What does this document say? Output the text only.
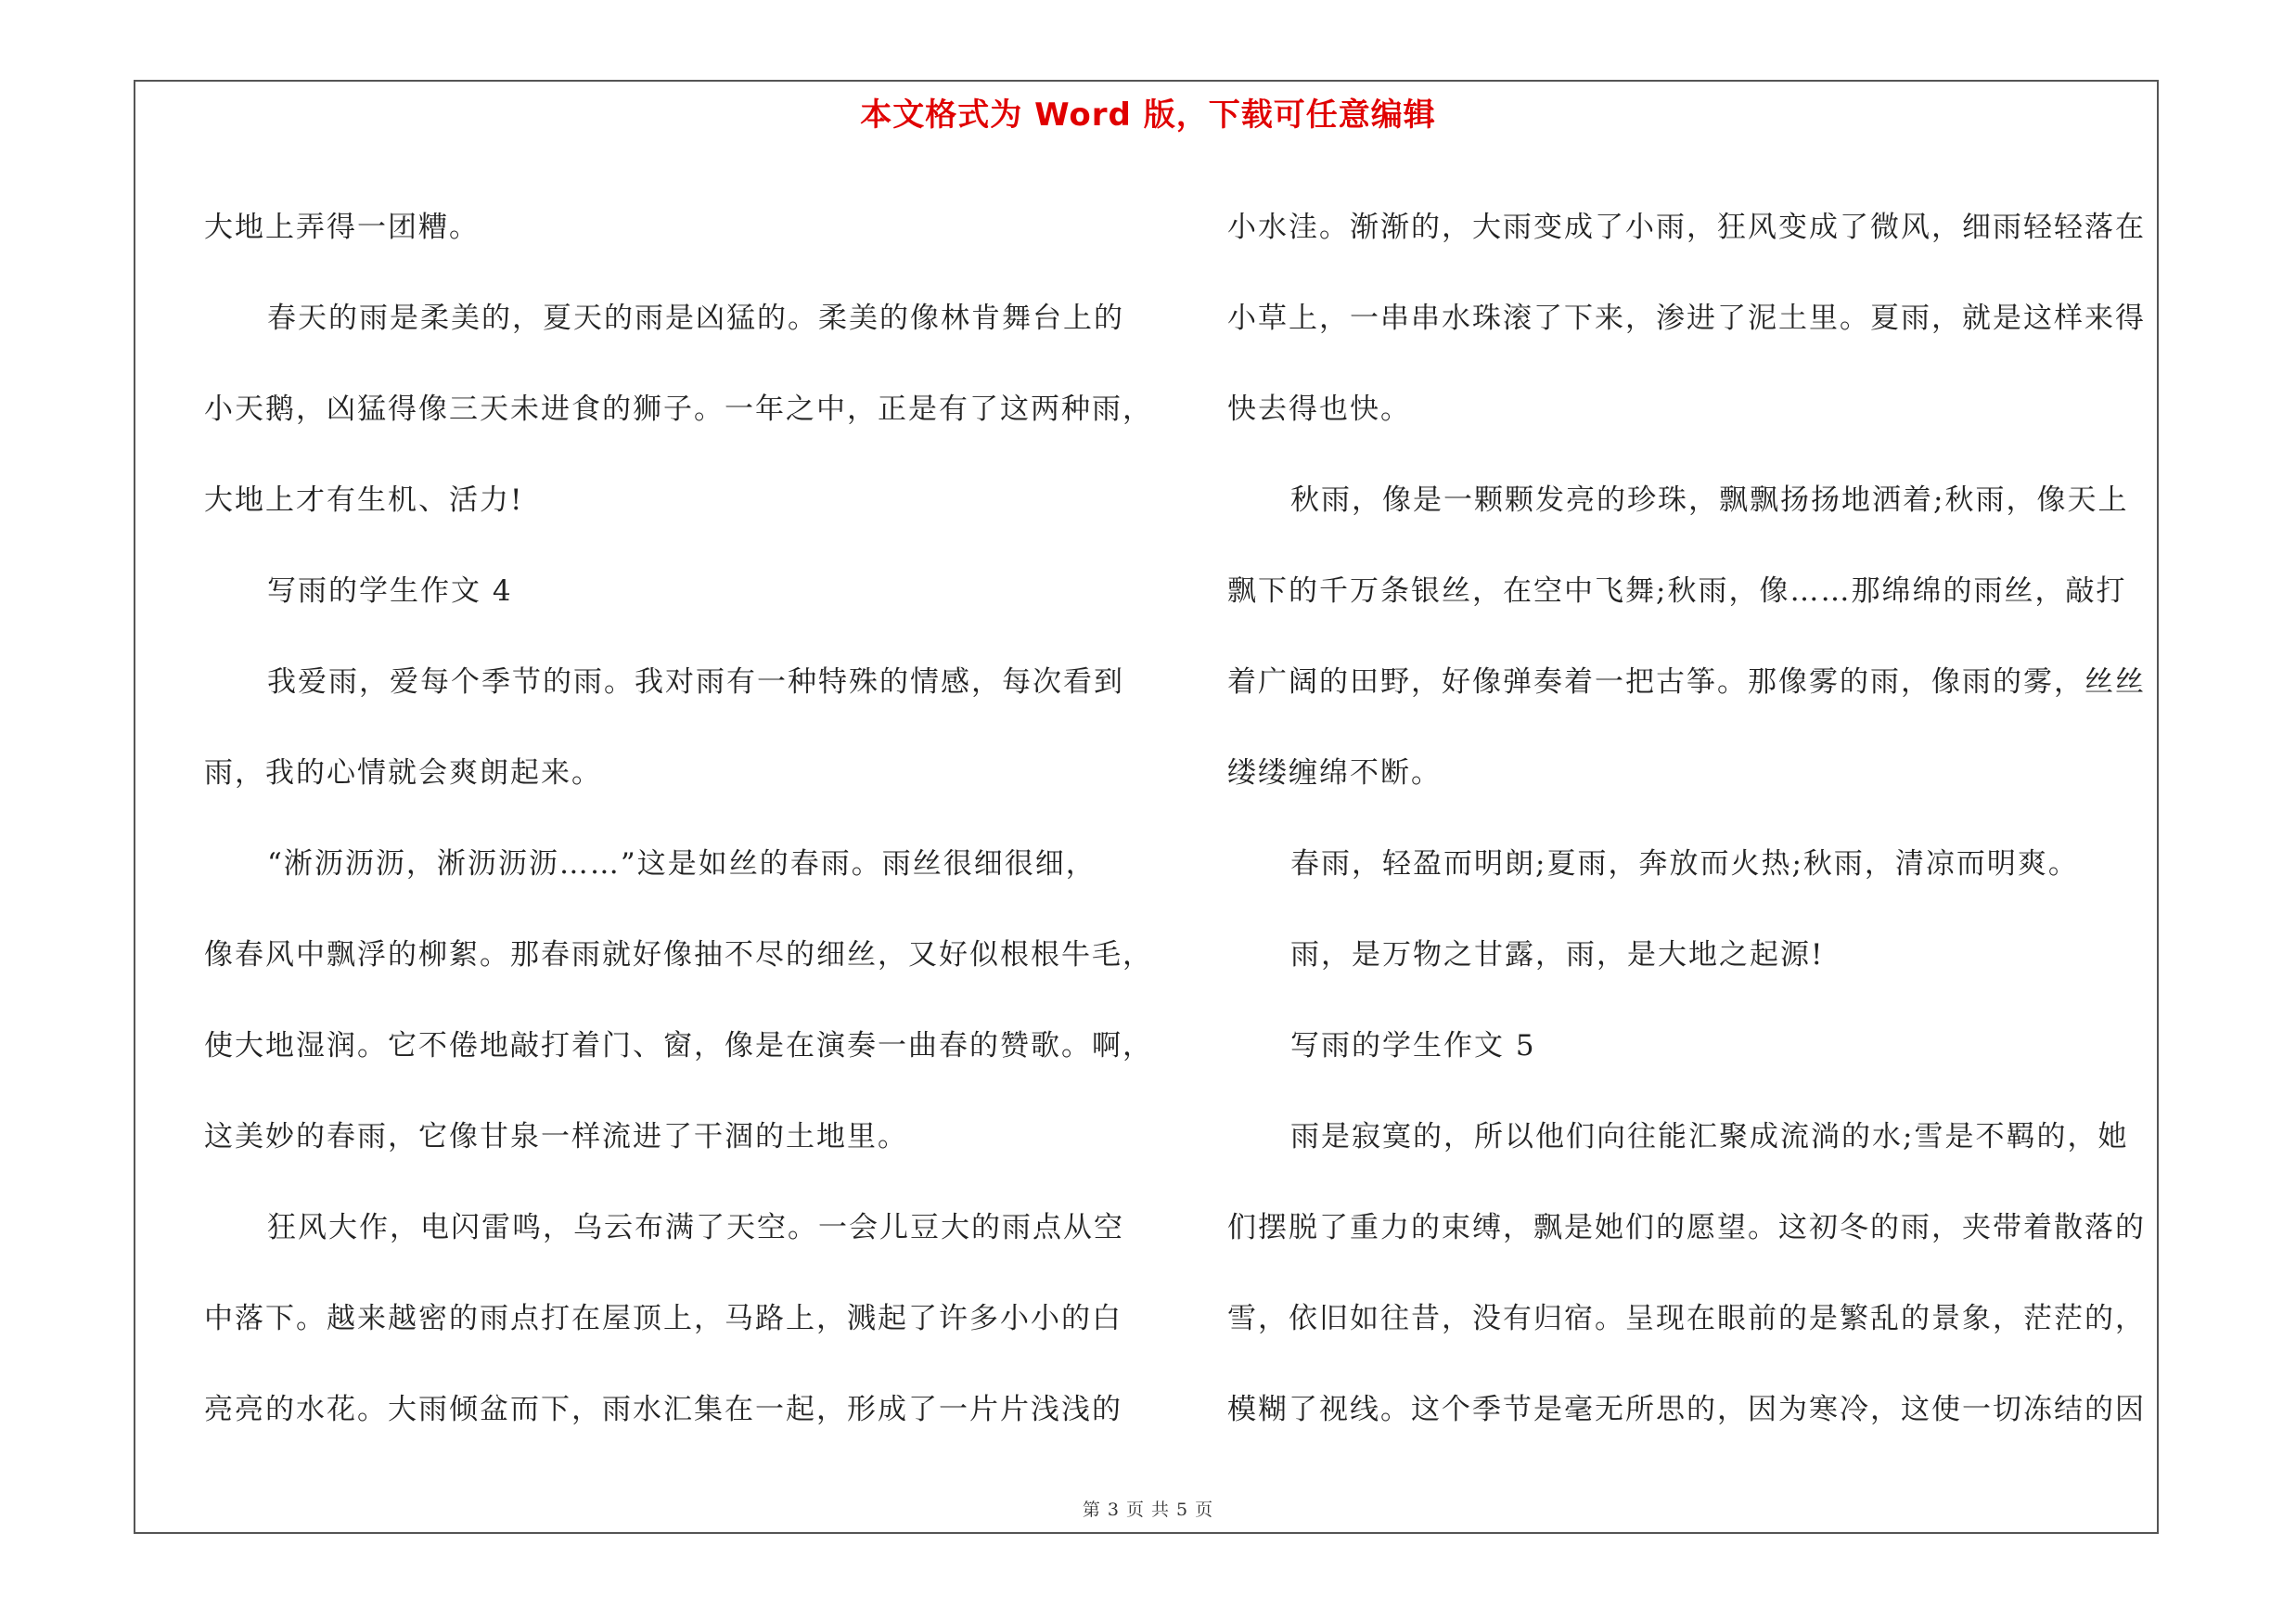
本文格式为 Word 版，下载可任意编辑
大地上弄得一团糟。
春天的雨是柔美的，夏天的雨是凶猛的。柔美的像林肯舞台上的
小天鹅，凶猛得像三天未进食的狮子。一年之中，正是有了这两种雨，
大地上才有生机、活力!
写雨的学生作文 4
我爱雨，爱每个季节的雨。我对雨有一种特殊的情感，每次看到
雨，我的心情就会爽朗起来。
“淅沥沥沥，淅沥沥沥……”这是如丝的春雨。雨丝很细很细，
像春风中飘浮的柳絮。那春雨就好像抽不尽的细丝，又好似根根牛毛，
使大地湿润。它不倦地敲打着门、窗，像是在演奏一曲春的赞歌。啊，
这美妙的春雨，它像甘泉一样流进了干涸的土地里。
狂风大作，电闪雷鸣，乌云布满了天空。一会儿豆大的雨点从空
中落下。越来越密的雨点打在屋顶上，马路上，溅起了许多小小的白
亮亮的水花。大雨倾盆而下，雨水汇集在一起，形成了一片片浅浅的
小水洼。渐渐的，大雨变成了小雨，狂风变成了微风，细雨轻轻落在
小草上，一串串水珠滚了下来，渗进了泥土里。夏雨，就是这样来得
快去得也快。
秋雨，像是一颗颗发亮的珍珠，飘飘扬扬地洒着;秋雨，像天上
飘下的千万条银丝，在空中飞舞;秋雨，像……那绵绵的雨丝，敲打
着广阔的田野，好像弹奏着一把古筝。那像雾的雨，像雨的雾，丝丝
缕缕缠绵不断。
春雨，轻盈而明朗;夏雨，奔放而火热;秋雨，清凉而明爽。
雨，是万物之甘露，雨，是大地之起源!
写雨的学生作文 5
雨是寂寞的，所以他们向往能汇聚成流淌的水;雪是不羁的，她
们摆脱了重力的束缚，飘是她们的愿望。这初冬的雨，夹带着散落的
雪，依旧如往昔，没有归宿。呈现在眼前的是繁乱的景象，茫茫的，
模糊了视线。这个季节是毫无所思的，因为寒冷，这使一切冻结的因
第 3 页 共 5 页
